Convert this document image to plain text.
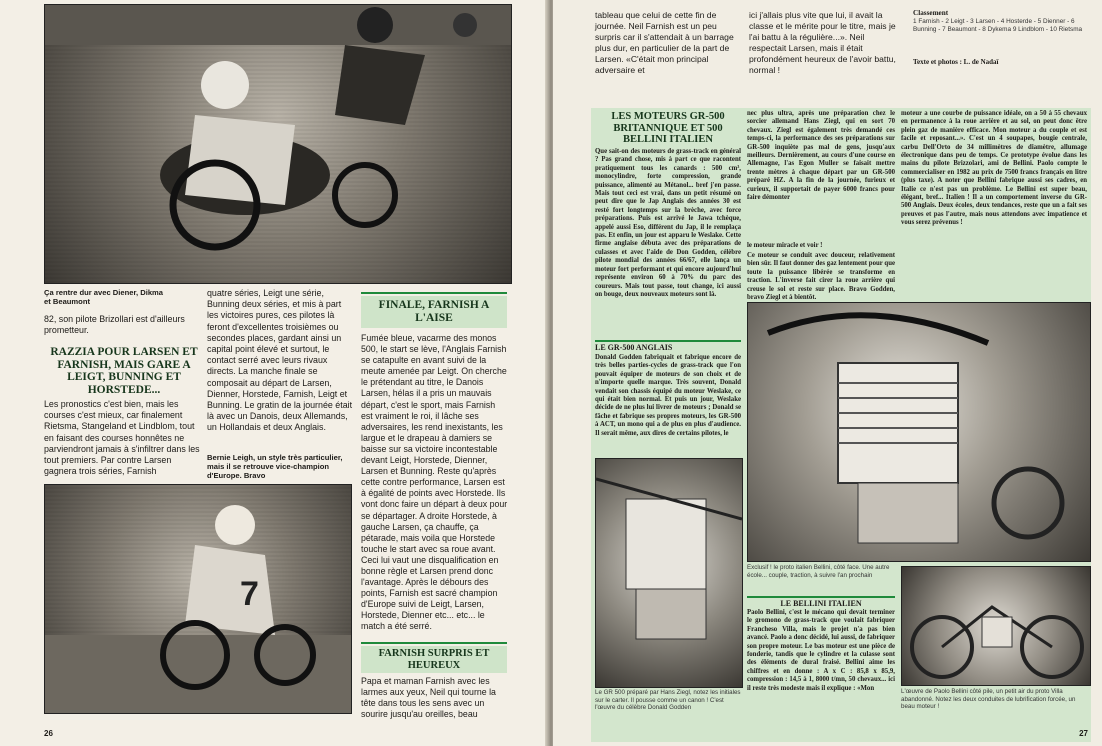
Ça rentre dur avec Diener, Dikma et Beaumont
82, son pilote Brizollari est d'ailleurs prometteur.
RAZZIA POUR LARSEN ET FARNISH, MAIS GARE A LEIGT, BUNNING ET HORSTEDE...
Les pronostics c'est bien, mais les courses c'est mieux, car finalement Rietsma, Stangeland et Lindblom, tout en faisant des courses honnêtes ne parviendront jamais à s'infiltrer dans les tout premiers. Par contre Larsen gagnera trois séries, Farnish
quatre séries, Leigt une série, Bunning deux séries, et mis à part les victoires pures, ces pilotes là feront d'excellentes troisièmes ou secondes places, gardant ainsi un capital point élevé et surtout, le contact serré avec leurs rivaux directs. La manche finale se composait au départ de Larsen, Dienner, Horstede, Farnish, Leigt et Bunning. Le gratin de la journée était là avec un Danois, deux Allemands, un Hollandais et deux Anglais.
Bernie Leigh, un style très particulier, mais il se retrouve vice-champion d'Europe. Bravo
7
FINALE, FARNISH A L'AISE
Fumée bleue, vacarme des monos 500, le start se lève, l'Anglais Farnish se catapulte en avant suivi de la meute amenée par Leigt. On cherche le prétendant au titre, le Danois Larsen, hélas il a pris un mauvais départ, c'est le sport, mais Farnish est vraiment le roi, il lâche ses adversaires, les rend inexistants, les largue et le drapeau à damiers se baisse sur sa victoire incontestable devant Leigt, Horstede, Dienner, Larsen et Bunning. Reste qu'après cette contre performance, Larsen est à égalité de points avec Horstede. Ils vont donc faire un départ à deux pour se départager. A droite Horstede, à gauche Larsen, ça chauffe, ça pétarade, mais voila que Horstede touche le start avec sa roue avant. Ceci lui vaut une disqualification en bonne règle et Larsen prend donc l'avantage. Après le débours des points, Farnish est sacré champion d'Europe suivi de Leigt, Larsen, Horstede, Dienner etc... etc... le match a été serré.
FARNISH SURPRIS ET HEUREUX
Papa et maman Farnish avec les larmes aux yeux, Neil qui tourne la tête dans tous les sens avec un sourire jusqu'au oreilles, beau
26
tableau que celui de cette fin de journée. Neil Farnish est un peu surpris car il s'attendait à un barrage plus dur, en particulier de la part de Larsen. «C'était mon principal adversaire et
ici j'allais plus vite que lui, il avait la classe et le mérite pour le titre, mais je l'ai battu à la régulière...». Neil respectait Larsen, mais il était profondément heureux de l'avoir battu, normal !
Classement
1 Farnish - 2 Leigt - 3 Larsen - 4 Hosterde - 5 Dienner - 6 Bunning - 7 Beaumont - 8 Dykema 9 Lindblom - 10 Rietsma
Texte et photos : L. de Nadaï
LES MOTEURS GR-500 BRITANNIQUE ET 500 BELLINI ITALIEN
Que sait-on des moteurs de grass-track en général ? Pas grand chose, mis à part ce que racontent pratiquement tous les canards : 500 cm³, monocylindre, forte compression, grande puissance, alimenté au Métanol... bref j'en passe. Mais tout ceci est vrai, dans un petit résumé on peut dire que le Jap Anglais des années 30 est resté fort longtemps sur la brèche, avec force préparations. Puis est arrivé le Jawa tchèque, appelé aussi Eso, différent du Jap, il le remplaça pas. Et enfin, un jour est apparu le Weslake. Cette firme anglaise débuta avec des préparations de culasses et avec l'aide de Don Godden, célèbre pilote mondial des années 66/67, elle lança un moteur fort performant et qui encore aujourd'hui représente environ 60 à 70% du parc des coureurs. Mais tout passe, tout change, ici aussi on bouge, deux nouveaux moteurs sont là.
nec plus ultra, après une préparation chez le sorcier allemand Hans Ziegl, qui en sort 70 chevaux. Ziegl est également très demandé ces temps-ci, la performance des ses préparations sur GR-500 inquiète pas mal de gens, jusqu'aux meilleurs. Dernièrement, au cours d'une course en Allemagne, l'as Egon Muller se faisait mettre trente mètres à chaque départ par un GR-500 préparé HZ. A la fin de la journée, furieux et curieux, il supportait de payer 6000 francs pour faire démonter
le moteur miracle et voir !
Ce moteur se conduit avec douceur, relativement bien sûr. Il faut donner des gaz lentement pour que toute la puissance libérée se transforme en traction. L'inverse fait cirer la roue arrière qui creuse le sol et reste sur place. Bravo Godden, bravo Ziegl et à bientôt.
moteur a une courbe de puissance idéale, on a 50 à 55 chevaux en permanence à la roue arrière et au sol, on peut donc être plein gaz de manière efficace. Mon moteur a du couple et est facile et reposant...». C'est un 4 soupapes, bougie centrale, carbu Dell'Orto de 34 millimètres de diamètre, allumage électronique dans peu de temps. Ce prototype évolue dans les mains du pilote Brizzolari, ami de Bellini. Paolo compte le commercialiser en 1982 au prix de 7500 francs français en litre (plus taxe). A noter que Bellini fabrique aussi ses cadres, en Italie ce n'est pas un problème. Le Bellini est super beau, élégant, bref... Italien ! Il a un comportement inverse du GR-500 Anglais. Deux écoles, deux tendances, reste que un a fait ses preuves et pas l'autre, mais nous attendons avec impatience et vous serez prévenus !
LE GR-500 ANGLAIS
Donald Godden fabriquait et fabrique encore de très belles parties-cycles de grass-track que l'on pouvait équiper de moteurs de son choix et de n'importe quelle marque. Très souvent, Donald vendait son chassis équipé du moteur Weslake, ce qui était bien normal. Et puis un jour, Weslake décide de ne plus lui livrer de moteurs ; Donald se fâche et fabrique ses propres moteurs, les GR-500 à ACT, un mono qui a de plus en plus d'audience. Il serait même, aux dires de certains pilotes, le
Le GR 500 préparé par Hans Ziegl, notez les initiales sur le carter. Il pousse comme un canon ! C'est l'œuvre du célèbre Donald Godden
Exclusif ! le proto italien Bellini, côté face. Une autre école... couple, traction, à suivre l'an prochain
LE BELLINI ITALIEN
Paolo Bellini, c'est le mécano qui devait terminer le gromono de grass-track que voulait fabriquer Francheso Villa, mais le projet n'a pas bien avancé. Paolo a donc décidé, lui aussi, de fabriquer son propre moteur. Le bas moteur est une pièce de fonderie, tandis que le cylindre et la culasse sont des éléments de dural fraisé. Bellini aime les chiffres et en donne : A x C : 85,8 x 85,9, compression : 14,5 à 1, 8000 t/mn, 50 chevaux... ici il reste très modeste mais il explique : «Mon	L'œuvre de Paolo Bellini côté pile, un petit air du proto Villa abandonné. Notez les deux conduites de lubrification forcée, un beau moteur !
27
